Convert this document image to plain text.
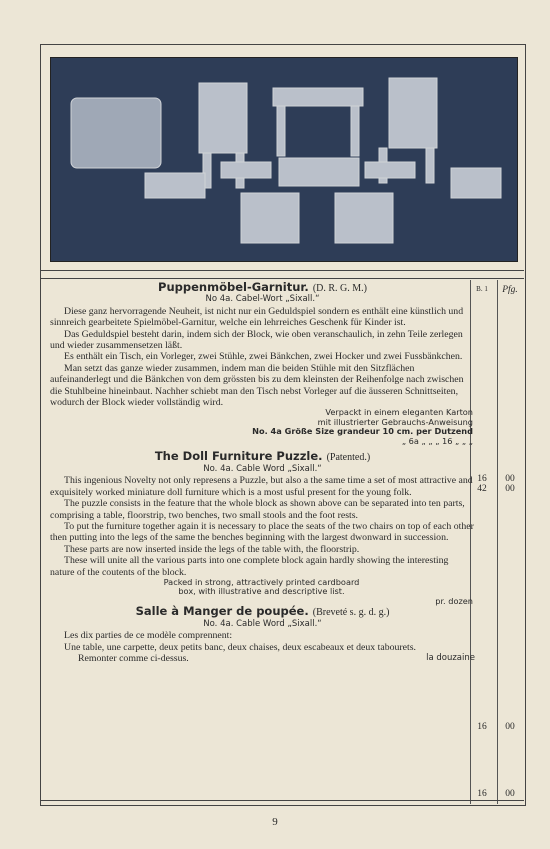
B. 1	Pfg.
16	00
42	00
16	00
16	00

Puppenmöbel-Garnitur. (D. R. G. M.)

No 4a. Cabel-Wort „Sixall.“

Diese ganz hervorragende Neuheit, ist nicht nur ein Geduldspiel sondern es enthält eine künstlich und sinnreich gearbeitete Spielmöbel-Garnitur, welche ein lehrreiches Geschenk für Kinder ist.

Das Geduldspiel besteht darin, indem sich der Block, wie oben veranschaulich, in zehn Teile zerlegen und wieder zusammensetzen läßt.

Es enthält ein Tisch, ein Vorleger, zwei Stühle, zwei Bänkchen, zwei Hocker und zwei Fussbänkchen.

Man setzt das ganze wieder zusammen, indem man die beiden Stühle mit den Sitzflächen aufeinanderlegt und die Bänkchen von dem grössten bis zu dem kleinsten der Reihenfolge nach zwischen die Stuhlbeine hineinbaut. Nachher schiebt man den Tisch nebst Vorleger auf die äusseren Schnittseiten, wodurch der Block wieder vollständig wird.

Verpackt in einem eleganten Karton
mit illustrierter Gebrauchs-Anweisung
No. 4a Größe Size grandeur 10 cm. per Dutzend
„ 6a „ „ „ 16 „ „ „

The Doll Furniture Puzzle. (Patented.)

No. 4a. Cable Word „Sixall.“

This ingenious Novelty not only represens a Puzzle, but also a the same time a set of most attractive and exquisitely worked miniature doll furniture which is a most usful present for the young folk.

The puzzle consists in the feature that the whole block as shown above can be separated into ten parts, comprising a table, floorstrip, two benches, two small stools and the foot rests.

To put the furniture together again it is necessary to place the seats of the two chairs on top of each other then putting into the legs of the same the benches beginning with the largest dwonward in succession.

These parts are now inserted inside the legs of the table with, the floorstrip.

These will unite all the various parts into one complete block again hardly showing the interesting nature of the coutents of the block.

Packed in strong, attractively printed cardboard
box, with illustrative and descriptive list.
pr. dozen

Salle à Manger de poupée. (Breveté s. g. d. g.)

No. 4a. Cable Word „Sixall.“

Les dix parties de ce modèle comprennent:

Une table, une carpette, deux petits banc, deux chaises, deux escabeaux et deux tabourets.

Remonter comme ci-dessus.	la douzaine

9
